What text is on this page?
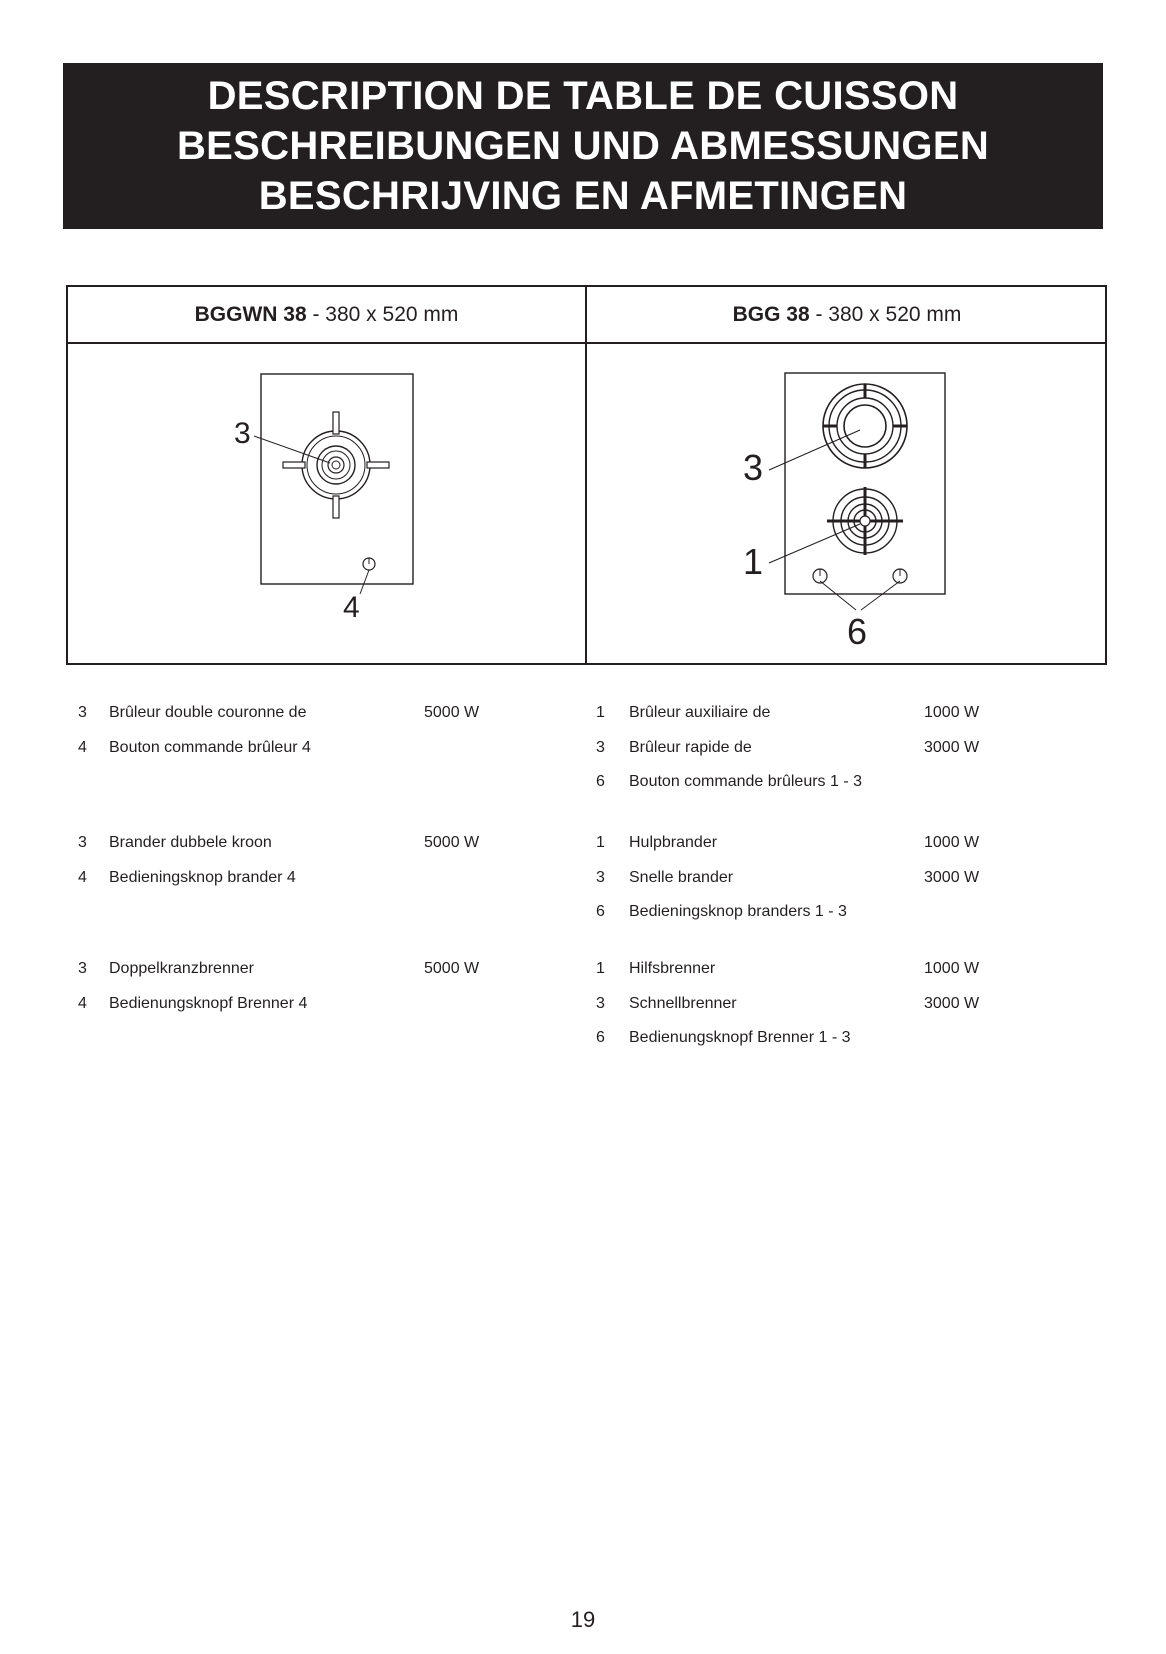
DESCRIPTION DE TABLE DE CUISSON
BESCHREIBUNGEN UND ABMESSUNGEN
BESCHRIJVING EN AFMETINGEN
BGGWN 38 - 380 x 520 mm	BGG 38 - 380 x 520 mm
3
4
3
1
6
3 Brûleur double couronne de	5000 W
4 Bouton commande brûleur 4
1 Brûleur auxiliaire de	1000 W
3 Brûleur rapide de	3000 W
6 Bouton commande brûleurs 1 - 3
3 Brander dubbele kroon	5000 W
4 Bedieningsknop brander 4
1 Hulpbrander	1000 W
3 Snelle brander	3000 W
6 Bedieningsknop branders 1 - 3
3 Doppelkranzbrenner	5000 W
4 Bedienungsknopf Brenner 4
1 Hilfsbrenner	1000 W
3 Schnellbrenner	3000 W
6 Bedienungsknopf Brenner 1 - 3
19
